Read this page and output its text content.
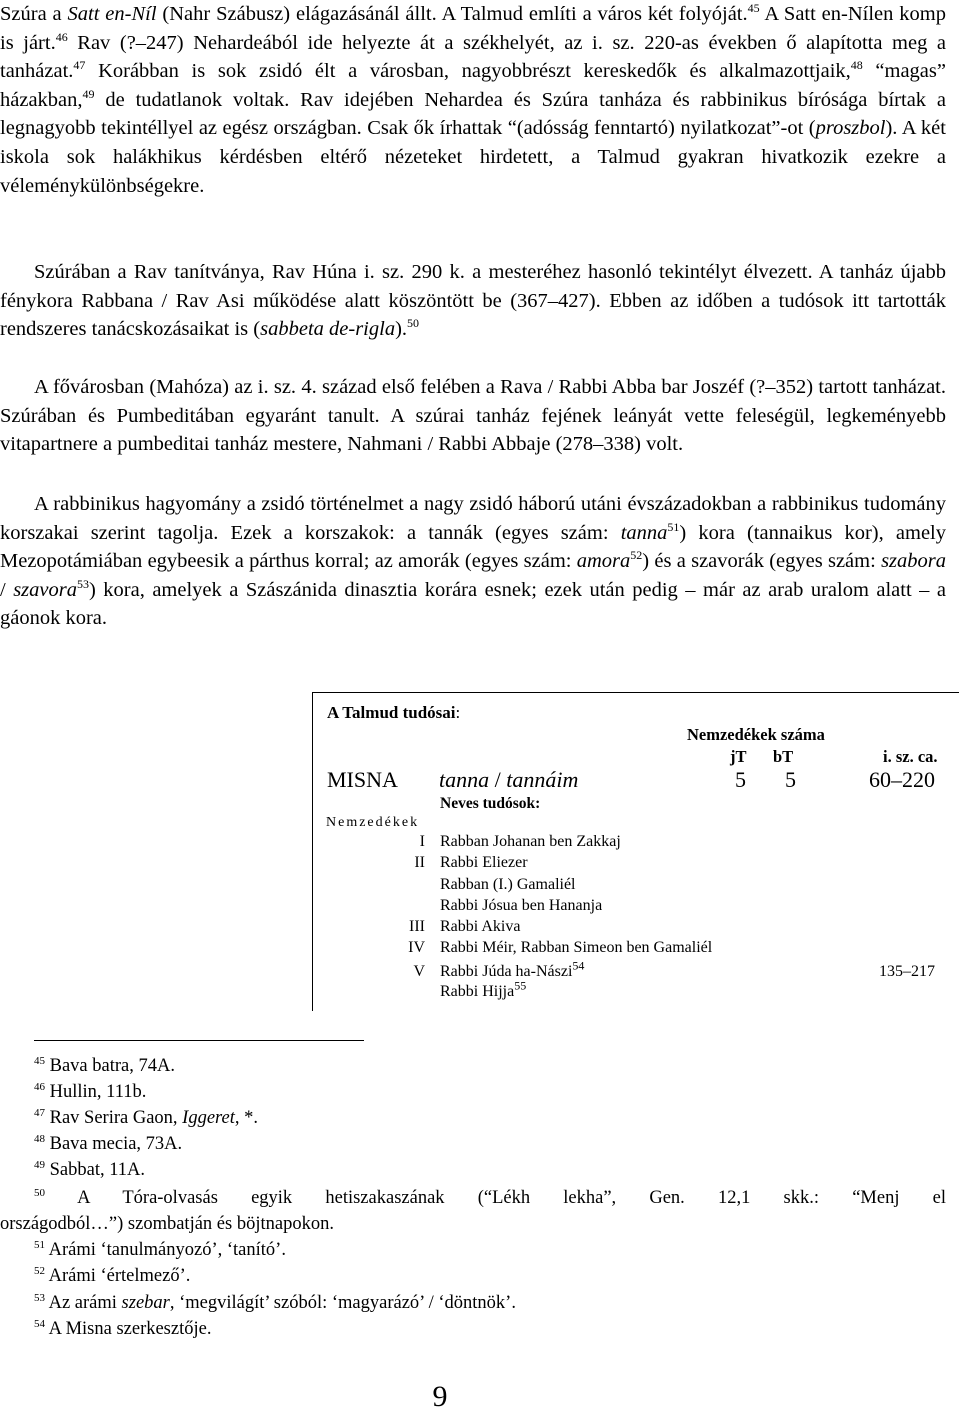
Szúra a Satt en-Níl (Nahr Szábusz) elágazásánál állt. A Talmud említi a város két folyóját.$^{45}$ A Satt en-Nílen komp is járt.$^{46}$ Rav (?–247) Nehardeából ide helyezte át a székhelyét, az i. sz. 220-as években ő alapította meg a tanházat.$^{47}$ Korábban is sok zsidó élt a városban, nagyobbrészt kereskedők és alkalmazottjaik,$^{48}$ “magas” házakban,$^{49}$ de tudatlanok voltak. Rav idejében Nehardea és Szúra tanháza és rabbinikus bírósága bírtak a legnagyobb tekintéllyel az egész országban. Csak ők írhattak “(adósság fenntartó) nyilatkozat”-ot (proszbol). A két iskola sok halákhikus kérdésben eltérő nézeteket hirdetett, a Talmud gyakran hivatkozik ezekre a véleménykülönbségekre.

Szúrában a Rav tanítványa, Rav Húna i. sz. 290 k. a mesteréhez hasonló tekintélyt élvezett. A tanház újabb fénykora Rabbana / Rav Asi működése alatt köszöntött be (367–427). Ebben az időben a tudósok itt tartották rendszeres tanácskozásaikat is (sabbeta de-rigla).$^{50}$

A fővárosban (Mahóza) az i. sz. 4. század első felében a Rava / Rabbi Abba bar Joszéf (?–352) tartott tanházat. Szúrában és Pumbeditában egyaránt tanult. A szúrai tanház fejének leányát vette feleségül, legkeményebb vitapartnere a pumbeditai tanház mestere, Nahmani / Rabbi Abbaje (278–338) volt.

A rabbinikus hagyomány a zsidó történelmet a nagy zsidó háború utáni évszázadokban a rabbinikus tudomány korszakai szerint tagolja. Ezek a korszakok: a tannák (egyes szám: tanna$^{51}$) kora (tannaikus kor), amely Mezopotámiában egybeesik a párthus korral; az amorák (egyes szám: amora$^{52}$) és a szavorák (egyes szám: szabora / szavora$^{53}$) kora, amelyek a Szászánida dinasztia korára esnek; ezek után pedig – már az arab uralom alatt – a gáonok kora.

A Talmud tudósai:
Nemzedékek száma
jT bT	i. sz. ca.
MISNA tanna / tannáim	5 5	60–220
Neves tudósok:
Nemzedékek
I Rabban Johanan ben Zakkaj
II Rabbi Eliezer
Rabban (I.) Gamaliél
Rabbi Jósua ben Hananja
III Rabbi Akiva
IV Rabbi Méir, Rabban Simeon ben Gamaliél
V Rabbi Júda ha-Nászi$^{54}$	135–217
Rabbi Hijja$^{55}$
$^{45}$ Bava batra, 74A.
$^{46}$ Hullin, 111b.
$^{47}$ Rav Serira Gaon, Iggeret, *.
$^{48}$ Bava mecia, 73A.
$^{49}$ Sabbat, 11A.
$^{50}$ A Tóra-olvasás egyik hetiszakaszának (“Lékh lekha”, Gen. 12,1 skk.: “Menj el
országodból…”) szombatján és böjtnapokon.
$^{51}$ Arámi ‘tanulmányozó’, ‘tanító’.
$^{52}$ Arámi ‘értelmező’.
$^{53}$ Az arámi szebar, ‘megvilágít’ szóból: ‘magyarázó’ / ‘döntnök’.
$^{54}$ A Misna szerkesztője.
9
